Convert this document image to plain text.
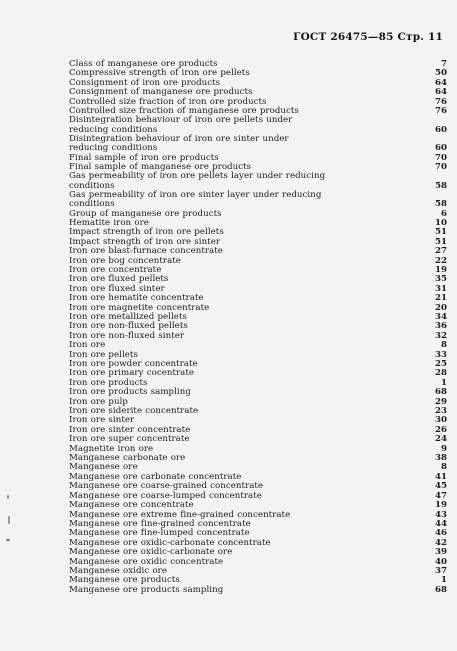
ГОСТ 26475—85 Стр. 11
Class of manganese ore products	7
Compressive strength of iron ore pellets	50
Consignment of iron ore products	64
Consignment of manganese ore products	64
Controlled size fraction of iron ore products	76
Controlled size fraction of manganese ore products	76
Disintegration behaviour of iron ore pellets under
reducing conditions	60
Disintegration behaviour of iron ore sinter under
reducing conditions	60
Final sample of iron ore products	70
Final sample of manganese ore products	70
Gas permeability of iron ore pellets layer under reducing
conditions	58
Gas permeability of iron ore sinter layer under reducing
conditions	58
Group of manganese ore products	6
Hematite iron ore	10
Impact strength of iron ore pellets	51
Impact strength of iron ore sinter	51
Iron ore blast-furnace concentrate	27
Iron ore bog concentrate	22
Iron ore concentrate	19
Iron ore fluxed pellets	35
Iron ore fluxed sinter	31
Iron ore hematite concentrate	21
Iron ore magnetite concentrate	20
Iron ore metallized pellets	34
Iron ore non-fluxed pellets	36
Iron ore non-fluxed sinter	32
Iron ore	8
Iron ore pellets	33
Iron ore powder concentrate	25
Iron ore primary cocentrate	28
Iron ore products	1
Iron ore products sampling	68
Iron ore pulp	29
Iron ore siderite concentrate	23
Iron ore sinter	30
Iron ore sinter concentrate	26
Iron ore super concentrate	24
Magnetite iron ore	9
Manganese carbonate ore	38
Manganese ore	8
Manganese ore carbonate concentrate	41
Manganese ore coarse-grained concentrate	45
Manganese ore coarse-lumped concentrate	47
Manganese ore concentrate	19
Manganese ore extreme fine-grained concentrate	43
Manganese ore fine-grained concentrate	44
Manganese ore fine-lumped concentrate	46
Manganese ore oxidic-carbonate concentrate	42
Manganese ore oxidic-carbonate ore	39
Manganese ore oxidic concentrate	40
Manganese oxidic ore	37
Manganese ore products	1
Manganese ore products sampling	68
